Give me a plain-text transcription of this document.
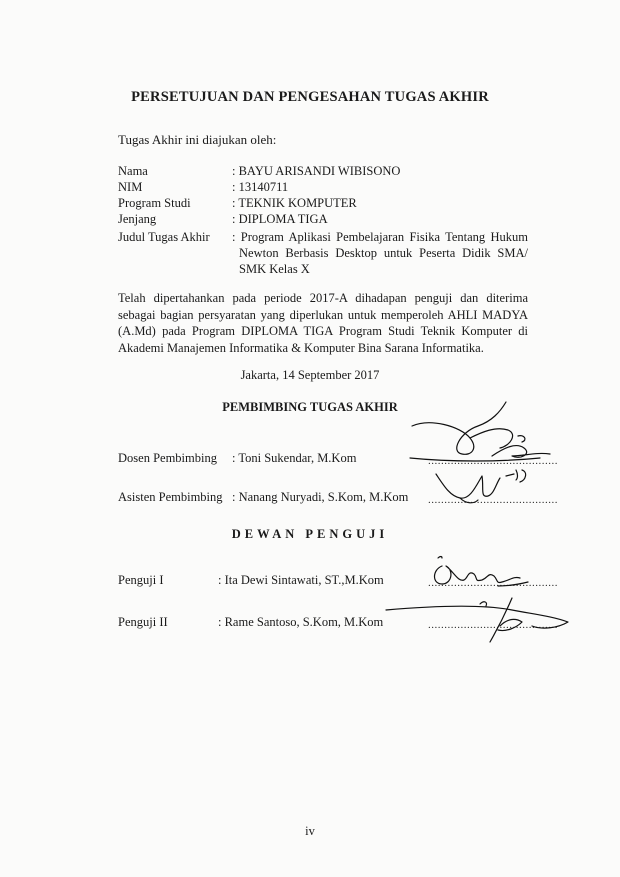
PERSETUJUAN DAN PENGESAHAN TUGAS AKHIR
Tugas Akhir ini diajukan oleh:
Nama	: BAYU ARISANDI WIBISONO
NIM	: 13140711
Program Studi	: TEKNIK KOMPUTER
Jenjang	: DIPLOMA TIGA
Judul Tugas Akhir : Program Aplikasi Pembelajaran Fisika Tentang Hukum
Newton Berbasis Desktop untuk Peserta Didik SMA/
SMK Kelas X
Telah dipertahankan pada periode 2017-A dihadapan penguji dan diterima sebagai bagian persyaratan yang diperlukan untuk memperoleh AHLI MADYA (A.Md) pada Program DIPLOMA TIGA Program Studi Teknik Komputer di Akademi Manajemen Informatika & Komputer Bina Sarana Informatika.
Jakarta, 14 September 2017
PEMBIMBING TUGAS AKHIR
Dosen Pembimbing : Toni Sukendar, M.Kom	........................................
Asisten Pembimbing : Nanang Nuryadi, S.Kom, M.Kom ........................................
DEWAN PENGUJI
Penguji I	: Ita Dewi Sintawati, ST.,M.Kom	........................................
Penguji II	: Rame Santoso, S.Kom, M.Kom	........................................
iv
